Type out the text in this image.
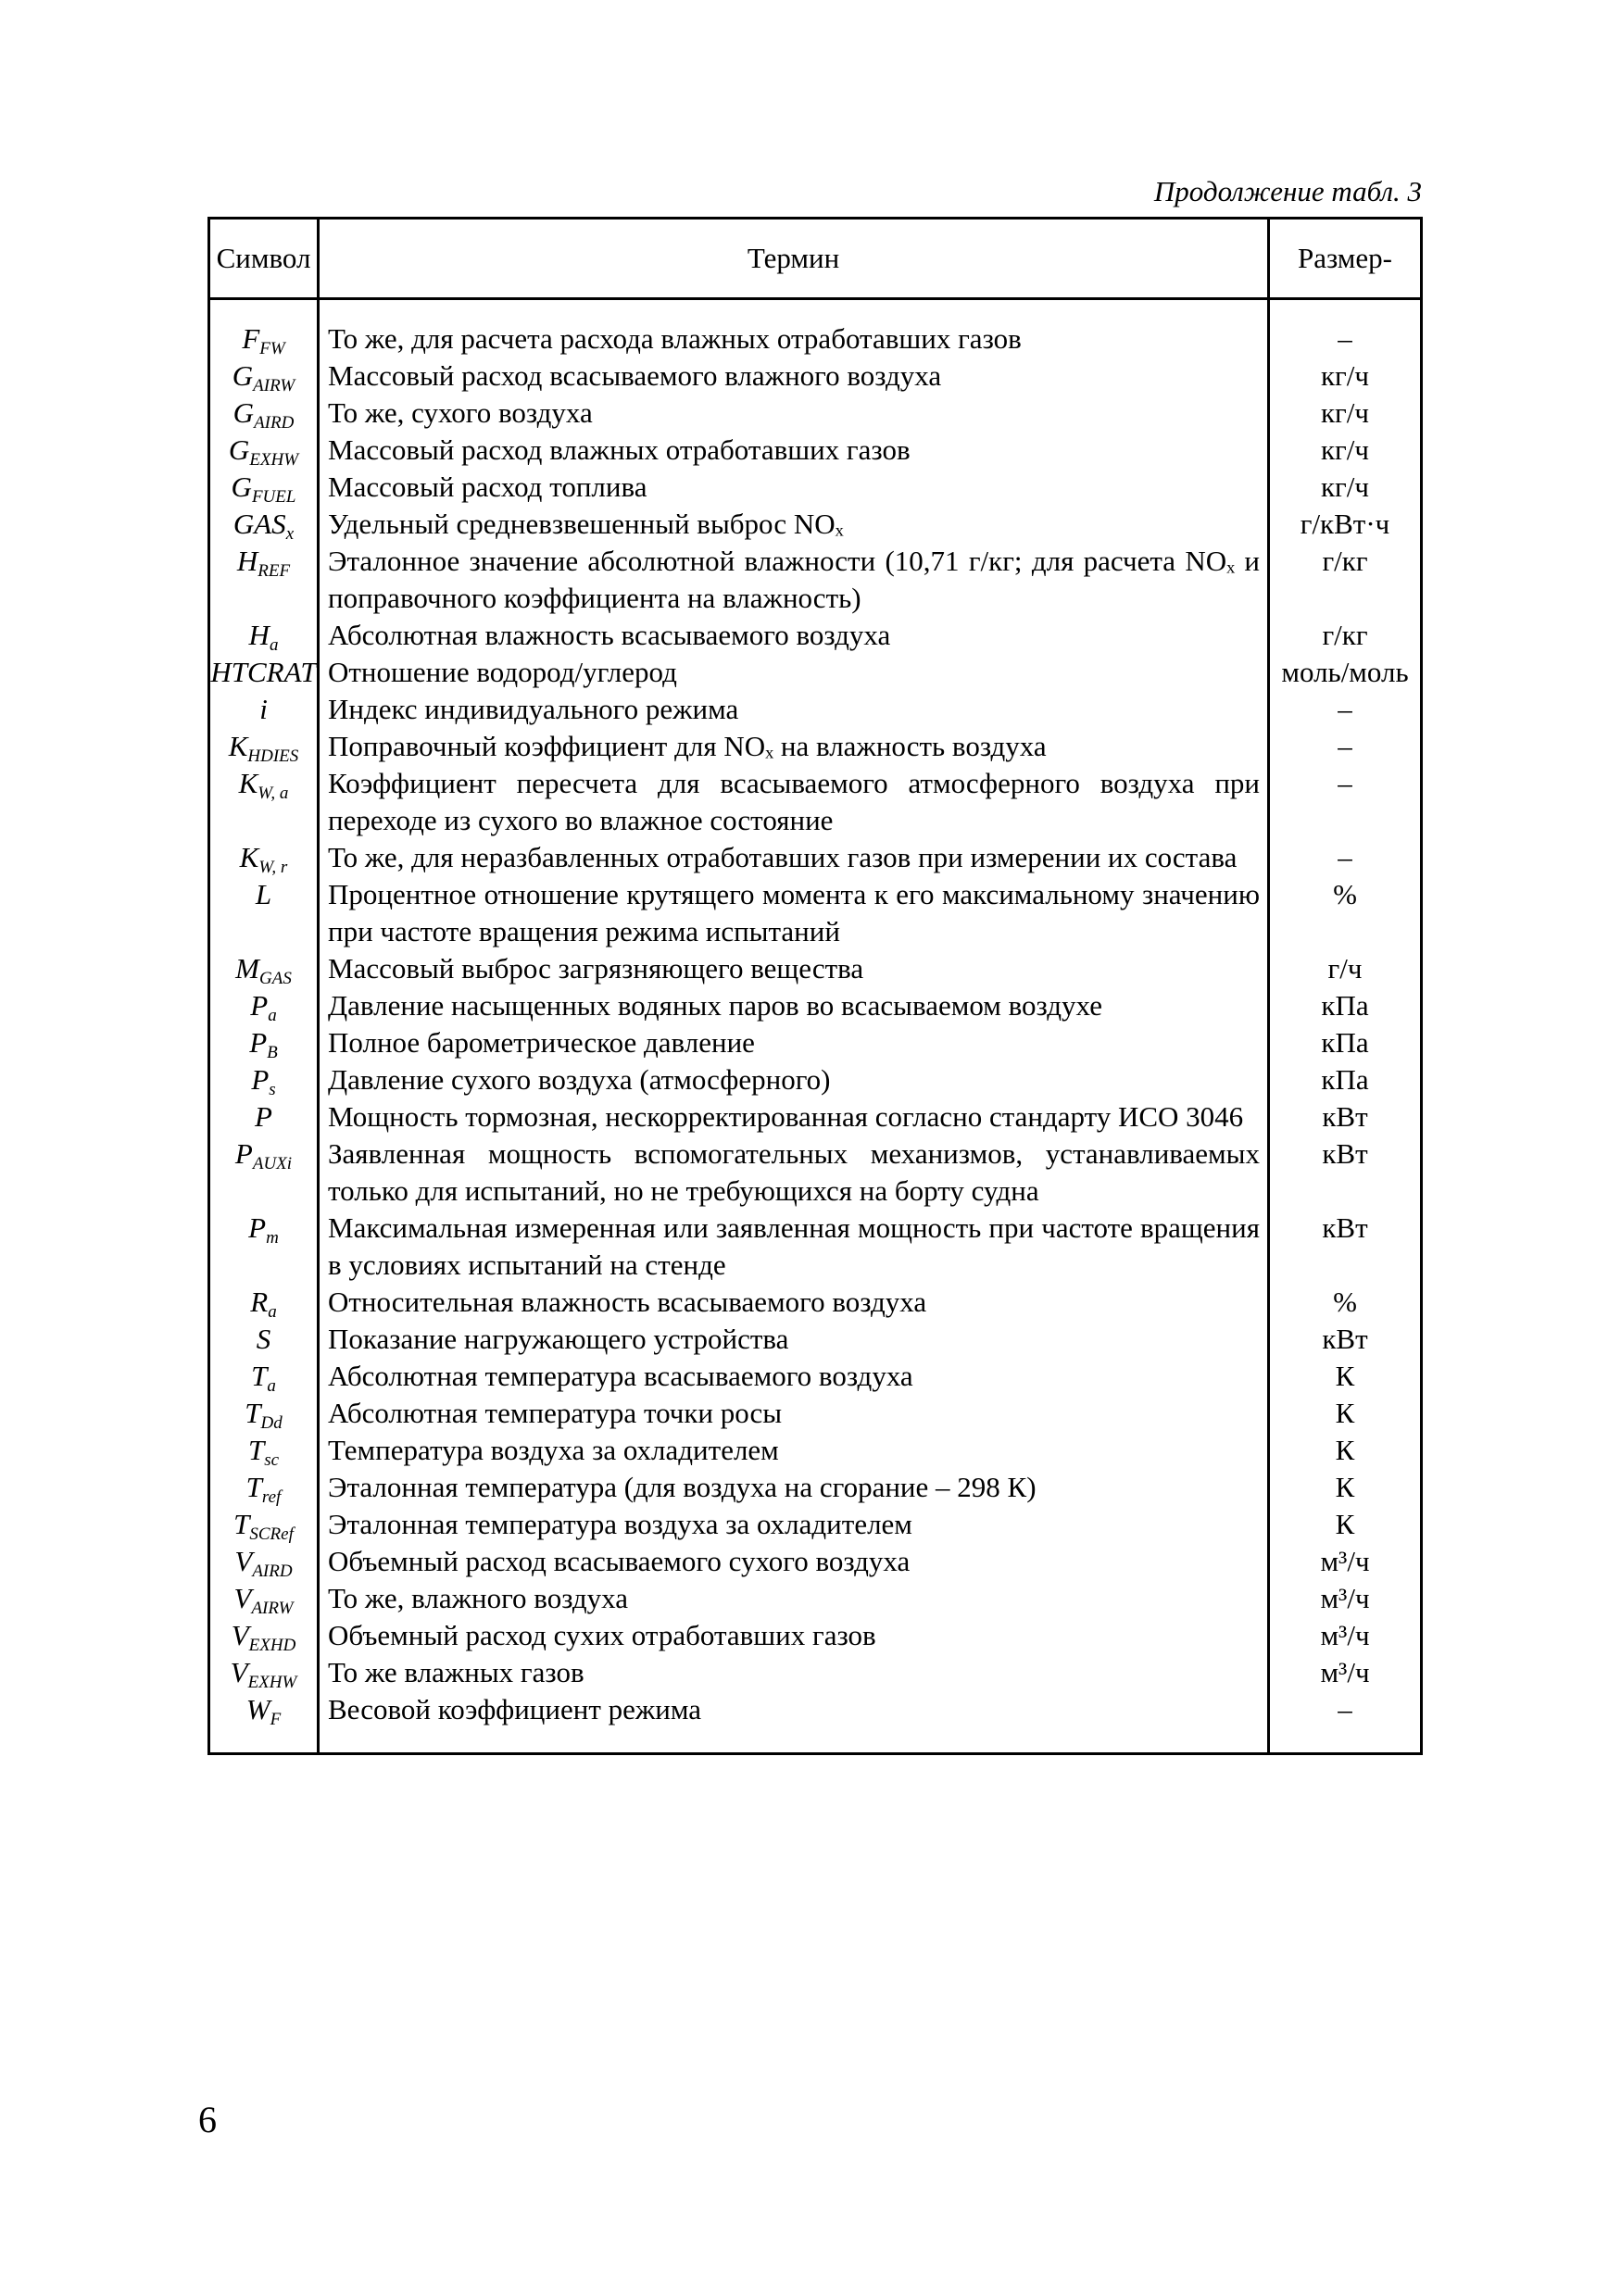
Продолжение табл. 3
Символ	Термин	Размер-
$F_{FW}$
$G_{AIRW}$
$G_{AIRD}$
$G_{EXHW}$
$G_{FUEL}$
$GAS_x$
$H_{REF}$
$H_a$
HTCRAT
i
$K_{HDIES}$
$K_{W, a}$
$K_{W, r}$
L
$M_{GAS}$
$P_a$
$P_B$
$P_s$
P
$P_{AUXi}$
$P_m$
$R_a$
S
$T_a$
$T_{Dd}$
$T_{sc}$
$T_{ref}$
$T_{SCRef}$
$V_{AIRD}$
$V_{AIRW}$
$V_{EXHD}$
$V_{EXHW}$
$W_F$
То же, для расчета расхода влажных отработавших газов
Массовый расход всасываемого влажного воздуха
То же, сухого воздуха
Массовый расход влажных отработавших газов
Массовый расход топлива
Удельный средневзвешенный выброс NOₓ
Эталонное значение абсолютной влажности (10,71 г/кг; для расчета NOₓ и поправочного коэффициента на влажность)
Абсолютная влажность всасываемого воздуха
Отношение водород/углерод
Индекс индивидуального режима
Поправочный коэффициент для NOₓ на влажность воздуха
Коэффициент пересчета для всасываемого атмосферного воздуха при переходе из сухого во влажное состояние
То же, для неразбавленных отработавших газов при измерении их состава
Процентное отношение крутящего момента к его максимальному значению при частоте вращения режима испытаний
Массовый выброс загрязняющего вещества
Давление насыщенных водяных паров во всасываемом воздухе
Полное барометрическое давление
Давление сухого воздуха (атмосферного)
Мощность тормозная, нескорректированная согласно стандарту ИСО 3046
Заявленная мощность вспомогательных механизмов, устанавливаемых только для испытаний, но не требующихся на борту судна
Максимальная измеренная или заявленная мощность при частоте вращения в условиях испытаний на стенде
Относительная влажность всасываемого воздуха
Показание нагружающего устройства
Абсолютная температура всасываемого воздуха
Абсолютная температура точки росы
Температура воздуха за охладителем
Эталонная температура (для воздуха на сгорание – 298 К)
Эталонная температура воздуха за охладителем
Объемный расход всасываемого сухого воздуха
То же, влажного воздуха
Объемный расход сухих отработавших газов
То же влажных газов
Весовой коэффициент режима
–
кг/ч
кг/ч
кг/ч
кг/ч
г/кВт·ч
г/кг
г/кг
моль/моль
–
–
–
–
%
г/ч
кПа
кПа
кПа
кВт
кВт
кВт
%
кВт
К
К
К
К
К
м³/ч
м³/ч
м³/ч
м³/ч
–
6
